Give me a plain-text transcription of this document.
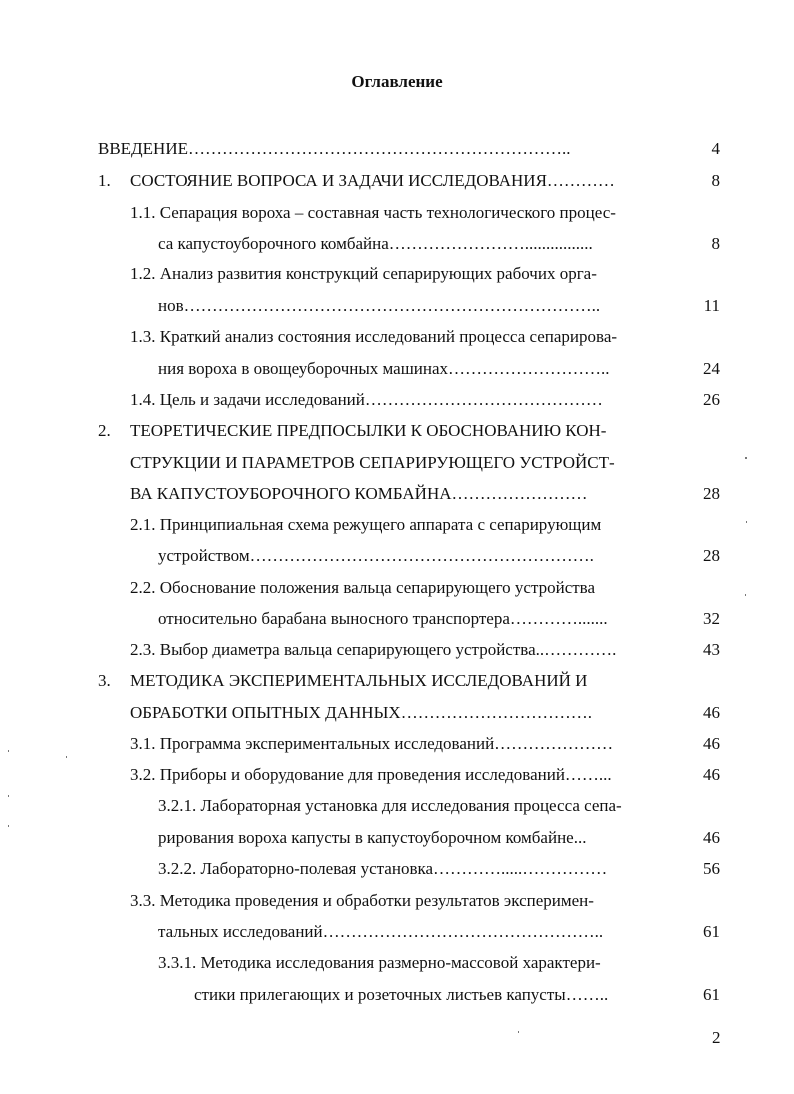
Оглавление
ВВЕДЕНИЕ…………………………………………………………..	4
1. СОСТОЯНИЕ ВОПРОСА И ЗАДАЧИ ИССЛЕДОВАНИЯ…………	8
1.1. Сепарация вороха – составная часть технологического процес-
са капустоуборочного комбайна……………………................	8
1.2. Анализ развития конструкций сепарирующих рабочих орга-
нов………………………………………………………………..	11
1.3. Краткий анализ состояния исследований процесса сепарирова-
ния вороха в овощеуборочных машинах………………………..	24
1.4. Цель и задачи исследований……………………………………	26
2. ТЕОРЕТИЧЕСКИЕ ПРЕДПОСЫЛКИ К ОБОСНОВАНИЮ КОН-
СТРУКЦИИ И ПАРАМЕТРОВ СЕПАРИРУЮЩЕГО УСТРОЙСТ-
ВА КАПУСТОУБОРОЧНОГО КОМБАЙНА……………………	28
2.1. Принципиальная схема режущего аппарата с сепарирующим
устройством…………………………………………………….	28
2.2. Обоснование положения вальца сепарирующего устройства
относительно барабана выносного транспортера………….......	32
2.3. Выбор диаметра вальца сепарирующего устройства..………….	43
3. МЕТОДИКА ЭКСПЕРИМЕНТАЛЬНЫХ ИССЛЕДОВАНИЙ И
ОБРАБОТКИ ОПЫТНЫХ ДАННЫХ…………………………….	46
3.1. Программа экспериментальных исследований…………………	46
3.2. Приборы и оборудование для проведения исследований……...	46
3.2.1. Лабораторная установка для исследования процесса сепа-
рирования вороха капусты в капустоуборочном комбайне...	46
3.2.2. Лабораторно-полевая установка………….....……………	56
3.3. Методика проведения и обработки результатов эксперимен-
тальных исследований…………………………………………..	61
3.3.1. Методика исследования размерно-массовой характери-
стики прилегающих и розеточных листьев капусты……..	61
2
